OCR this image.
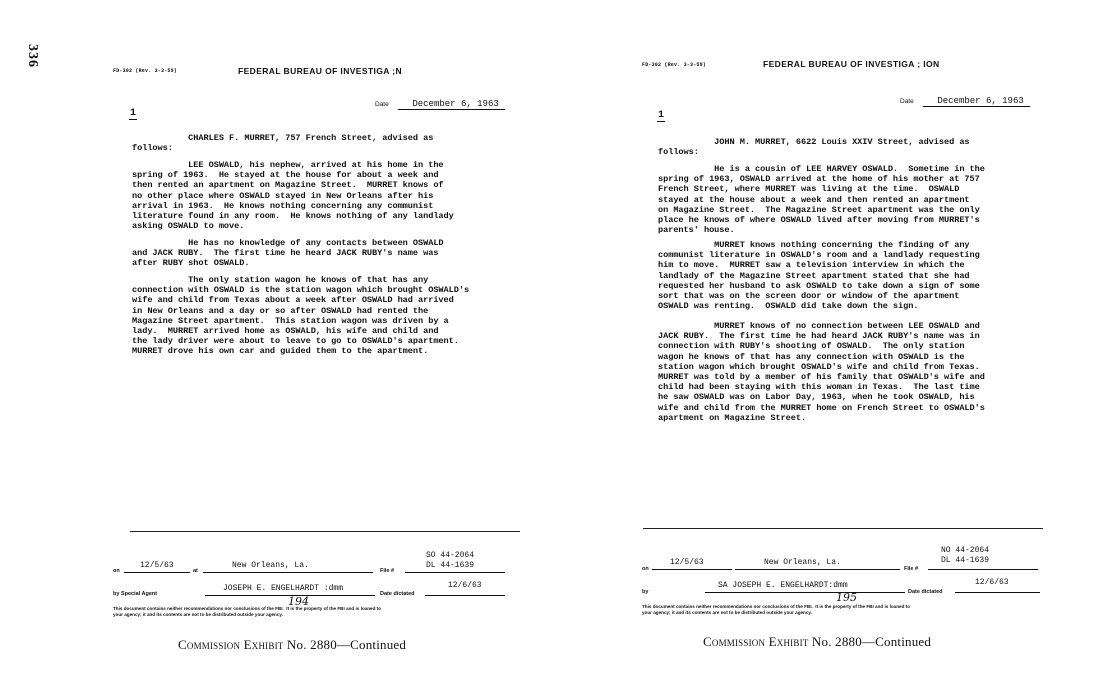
336
FD-302 (Rev. 3-3-59)	FEDERAL BUREAU OF INVESTIGA ;N
Date	December 6, 1963
1
CHARLES F. MURRET, 757 French Street, advised as
follows:
LEE OSWALD, his nephew, arrived at his home in the
spring of 1963.  He stayed at the house for about a week and
then rented an apartment on Magazine Street.  MURRET knows of
no other place where OSWALD stayed in New Orleans after his
arrival in 1963.  He knows nothing concerning any communist
literature found in any room.  He knows nothing of any landlady
asking OSWALD to move.
He has no knowledge of any contacts between OSWALD
and JACK RUBY.  The first time he heard JACK RUBY's name was
after RUBY shot OSWALD.
The only station wagon he knows of that has any
connection with OSWALD is the station wagon which brought OSWALD's
wife and child from Texas about a week after OSWALD had arrived
in New Orleans and a day or so after OSWALD had rented the
Magazine Street apartment.  This station wagon was driven by a
lady.  MURRET arrived home as OSWALD, his wife and child and
the lady driver were about to leave to go to OSWALD's apartment.
MURRET drove his own car and guided them to the apartment.
on
12/5/63
at
New Orleans, La.
File #
SO 44-2064
DL 44-1639
by Special Agent
JOSEPH E. ENGELHARDT :dmm
Date dictated
12/6/63
194
This document contains neither recommendations nor conclusions of the FBI.  It is the property of the FBI and is loaned to
your agency; it and its contents are not to be distributed outside your agency.
Commission Exhibit No. 2880—Continued
FD-302 (Rev. 3-3-59)	FEDERAL BUREAU OF INVESTIGA ; ION
Date	December 6, 1963
1
JOHN M. MURRET, 6622 Louis XXIV Street, advised as
follows:
He is a cousin of LEE HARVEY OSWALD.  Sometime in the
spring of 1963, OSWALD arrived at the home of his mother at 757
French Street, where MURRET was living at the time.  OSWALD
stayed at the house about a week and then rented an apartment
on Magazine Street.  The Magazine Street apartment was the only
place he knows of where OSWALD lived after moving from MURRET's
parents' house.
MURRET knows nothing concerning the finding of any
communist literature in OSWALD's room and a landlady requesting
him to move.  MURRET saw a television interview in which the
landlady of the Magazine Street apartment stated that she had
requested her husband to ask OSWALD to take down a sign of some
sort that was on the screen door or window of the apartment
OSWALD was renting.  OSWALD did take down the sign.
MURRET knows of no connection between LEE OSWALD and
JACK RUBY.  The first time he had heard JACK RUBY's name was in
connection with RUBY's shooting of OSWALD.  The only station
wagon he knows of that has any connection with OSWALD is the
station wagon which brought OSWALD's wife and child from Texas.
MURRET was told by a member of his family that OSWALD's wife and
child had been staying with this woman in Texas.  The last time
he saw OSWALD was on Labor Day, 1963, when he took OSWALD, his
wife and child from the MURRET home on French Street to OSWALD's
apartment on Magazine Street.
on
12/5/63	New Orleans, La.
File #
NO 44-2064
DL 44-1639
by
SA JOSEPH E. ENGELHARDT:dmm
Date dictated
12/6/63
195
This document contains neither recommendations nor conclusions of the FBI.  It is the property of the FBI and is loaned to
your agency; it and its contents are not to be distributed outside your agency.
Commission Exhibit No. 2880—Continued
